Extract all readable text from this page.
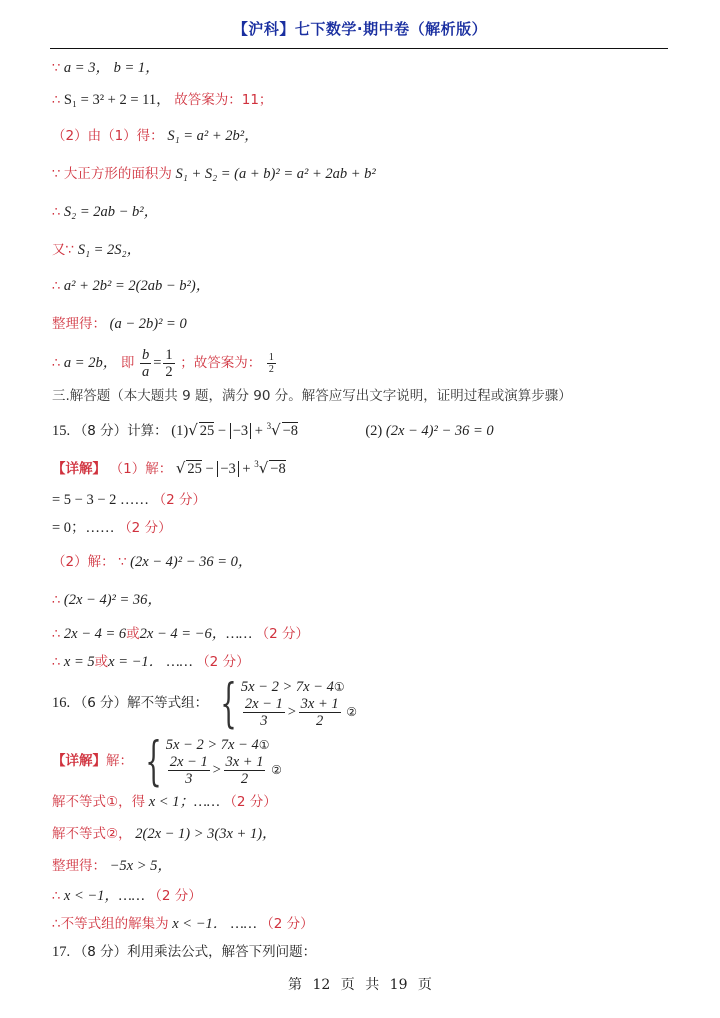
【沪科】七下数学·期中卷（解析版）
∵ a = 3， b = 1，
∴ S₁ = 3² + 2 = 11， 故答案为：11；
（2）由（1）得： S₁ = a² + 2b²，
∵ 大正方形的面积为 S₁ + S₂ = (a + b)² = a² + 2ab + b²
∴ S₂ = 2ab − b²，
又∵ S₁ = 2S₂，
∴ a² + 2b² = 2(2ab − b²)，
整理得： (a − 2b)² = 0
∴ a = 2b， 即 $\frac{b}{a} = \frac{1}{2}$ ；故答案为： $\frac{1}{2}$
三.解答题（本大题共 9 题，满分 90 分。解答应写出文字说明，证明过程或演算步骤）
15. （8 分）计算： (1)√ 25 − −3 + $^3$√ −8	(2) (2x − 4)² − 36 = 0
【详解】 （1）解： √ 25 − −3 + $^3$√ −8
= 5 − 3 − 2 …… （2 分）
= 0；…… （2 分）
（2）解： ∵ (2x − 4)² − 36 = 0，
∴ (2x − 4)² = 36，
∴ 2x − 4 = 6或2x − 4 = −6，…… （2 分）
∴ x = 5或x = −1． …… （2 分）
16. （6 分）解不等式组： { 5x − 2 > 7x − 4①
$\frac{2x - 1}{3} > \frac{3x + 1}{2}$ ②
【详解】解： { 5x − 2 > 7x − 4①
$\frac{2x - 1}{3} > \frac{3x + 1}{2}$ ②
解不等式①，得 x < 1；…… （2 分）
解不等式②， 2(2x − 1) > 3(3x + 1)，
整理得： −5x > 5，
∴ x < −1，…… （2 分）
∴不等式组的解集为 x < −1． …… （2 分）
17. （8 分）利用乘法公式，解答下列问题：
第 12 页 共 19 页
